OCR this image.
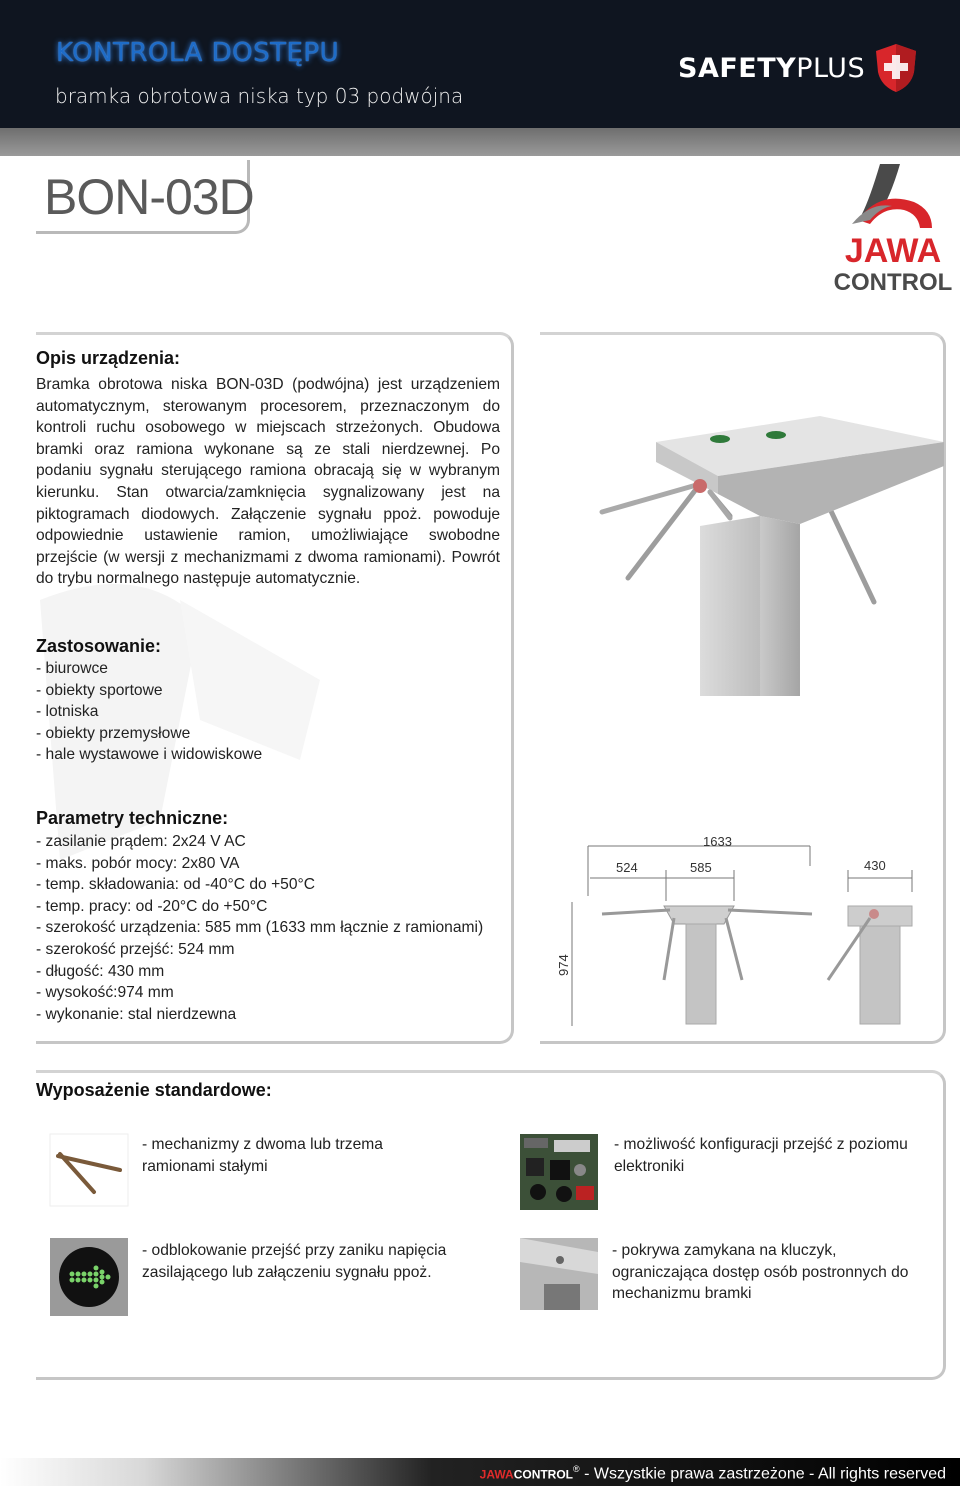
KONTROLA DOSTĘPU
bramka obrotowa niska typ 03 podwójna
SAFETYPLUS
BON-03D
JAWA
CONTROL
Opis urządzenia:
Bramka obrotowa niska BON-03D (podwójna) jest urządzeniem automatycznym, sterowanym procesorem, przeznaczonym do kontroli ruchu osobowego w miejscach strzeżonych. Obudowa bramki oraz ramiona wykonane są ze stali nierdzewnej. Po podaniu sygnału sterującego ramiona obracają się w wybranym kierunku. Stan otwarcia/zamknięcia sygnalizowany jest na piktogramach diodowych. Załączenie sygnału ppoż. powoduje odpowiednie ustawienie ramion, umożliwiające swobodne przejście (w wersji z mechanizmami z dwoma ramionami). Powrót do trybu normalnego następuje automatycznie.
Zastosowanie:
- biurowce
- obiekty sportowe
- lotniska
- obiekty przemysłowe
- hale wystawowe i widowiskowe
Parametry techniczne:
- zasilanie prądem: 2x24 V AC
- maks. pobór mocy: 2x80 VA
- temp. składowania: od -40°C do +50°C
- temp. pracy: od -20°C do +50°C
- szerokość urządzenia: 585 mm (1633 mm łącznie z ramionami)
- szerokość przejść: 524 mm
- długość: 430 mm
- wysokość:974 mm
- wykonanie: stal nierdzewna
1633
524	585	430
974
Wyposażenie standardowe:
- mechanizmy z dwoma lub trzema ramionami stałymi
- możliwość konfiguracji przejść z poziomu elektroniki
- odblokowanie przejść przy zaniku napięcia zasilającego lub załączeniu sygnału ppoż.
- pokrywa zamykana na kluczyk, ograniczająca dostęp osób postronnych do mechanizmu bramki
JAWACONTROL® - Wszystkie prawa zastrzeżone - All rights reserved
